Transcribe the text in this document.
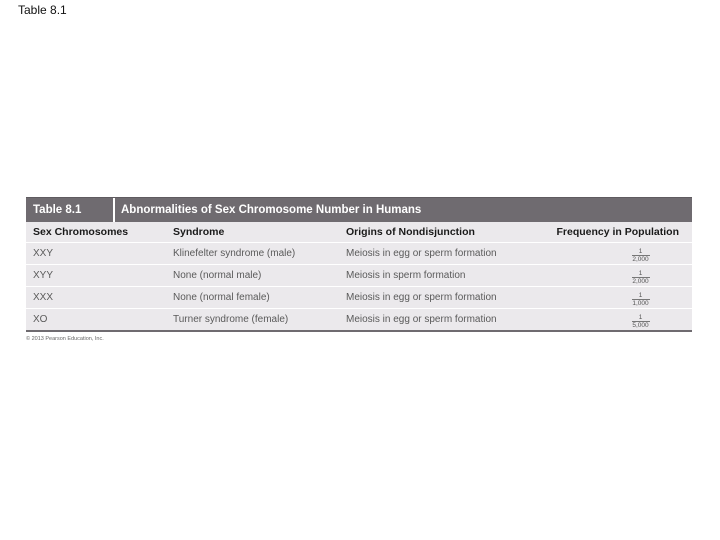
Table 8.1
Table 8.1	Abnormalities of Sex Chromosome Number in Humans
Sex Chromosomes	Syndrome	Origins of Nondisjunction	Frequency in Population
XXY	Klinefelter syndrome (male)	Meiosis in egg or sperm formation	$\frac{1}{2,000}$

XYY	None (normal male)	Meiosis in sperm formation	$\frac{1}{2,000}$

XXX	None (normal female)	Meiosis in egg or sperm formation	$\frac{1}{1,000}$

XO	Turner syndrome (female)	Meiosis in egg or sperm formation	$\frac{1}{5,000}$
© 2013 Pearson Education, Inc.
